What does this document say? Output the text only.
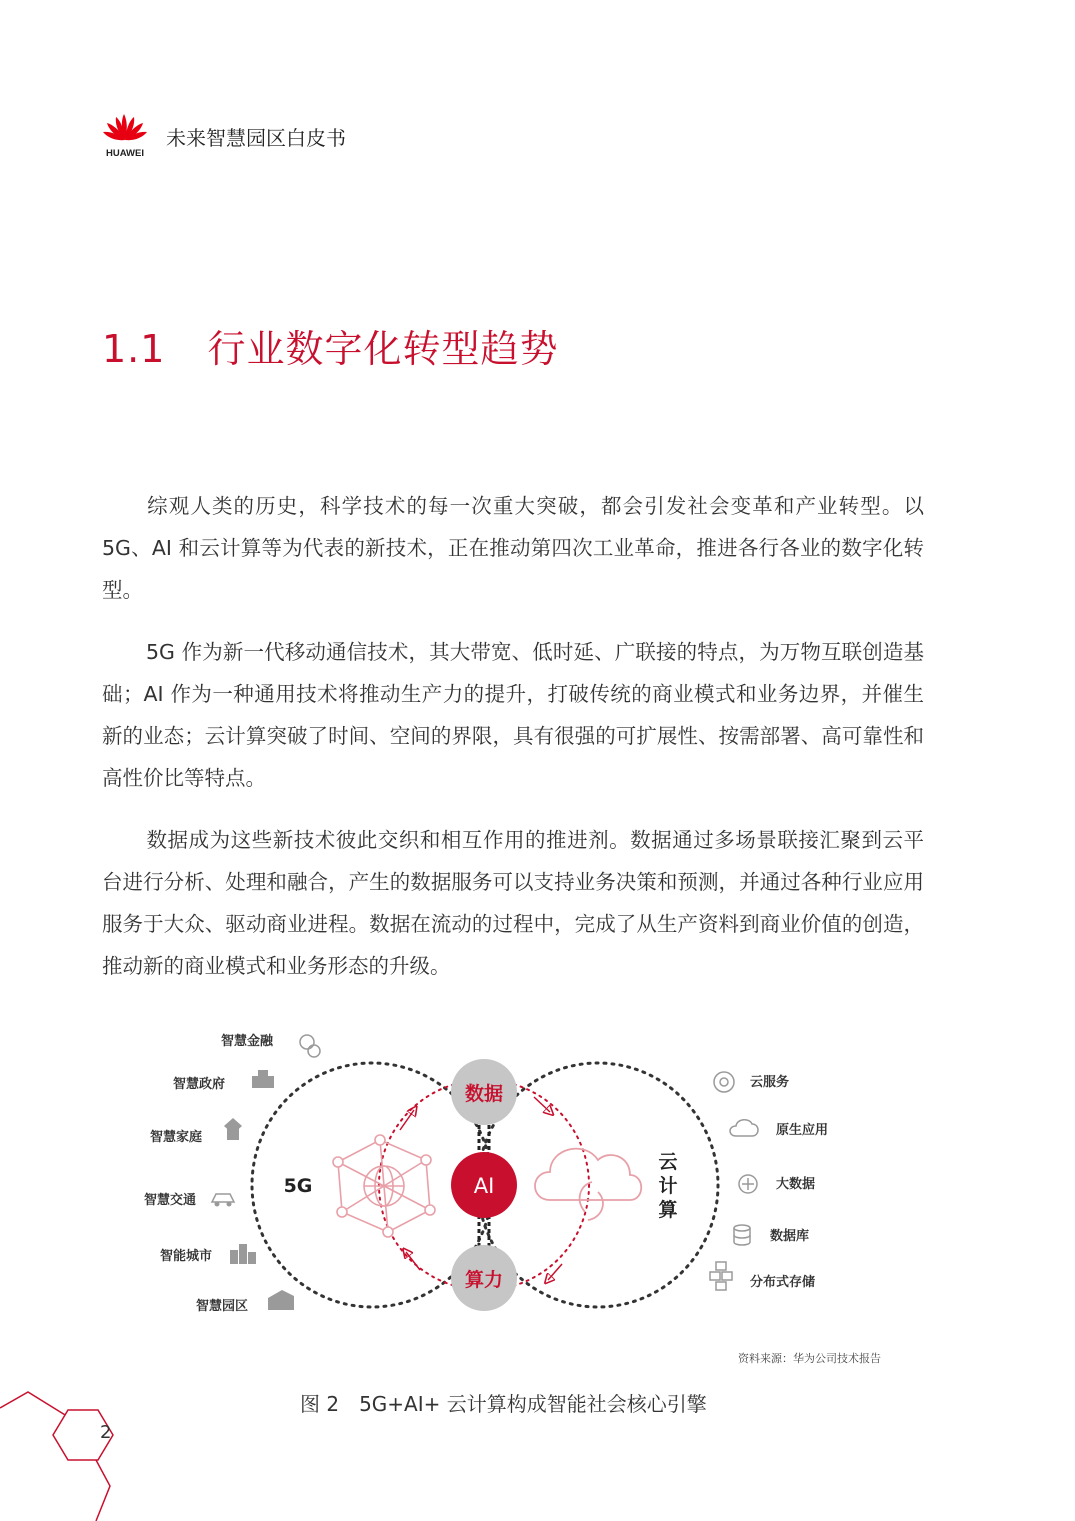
HUAWEI
未来智慧园区白皮书
1.1 行业数字化转型趋势

综观人类的历史，科学技术的每一次重大突破，都会引发社会变革和产业转型。以 5G、AI 和云计算等为代表的新技术，正在推动第四次工业革命，推进各行各业的数字化转型。

5G 作为新一代移动通信技术，其大带宽、低时延、广联接的特点，为万物互联创造基础；AI 作为一种通用技术将推动生产力的提升，打破传统的商业模式和业务边界，并催生新的业态；云计算突破了时间、空间的界限，具有很强的可扩展性、按需部署、高可靠性和高性价比等特点。

数据成为这些新技术彼此交织和相互作用的推进剂。数据通过多场景联接汇聚到云平台进行分析、处理和融合，产生的数据服务可以支持业务决策和预测，并通过各种行业应用服务于大众、驱动商业进程。数据在流动的过程中，完成了从生产资料到商业价值的创造，推动新的商业模式和业务形态的升级。

数据
AI
算力
5G
云
计
算
智慧金融
智慧政府
智慧家庭
智慧交通
智能城市
智慧园区
云服务
原生应用
大数据
数据库
分布式存储
资料来源：华为公司技术报告
图 2　5G+AI+ 云计算构成智能社会核心引擎
2
